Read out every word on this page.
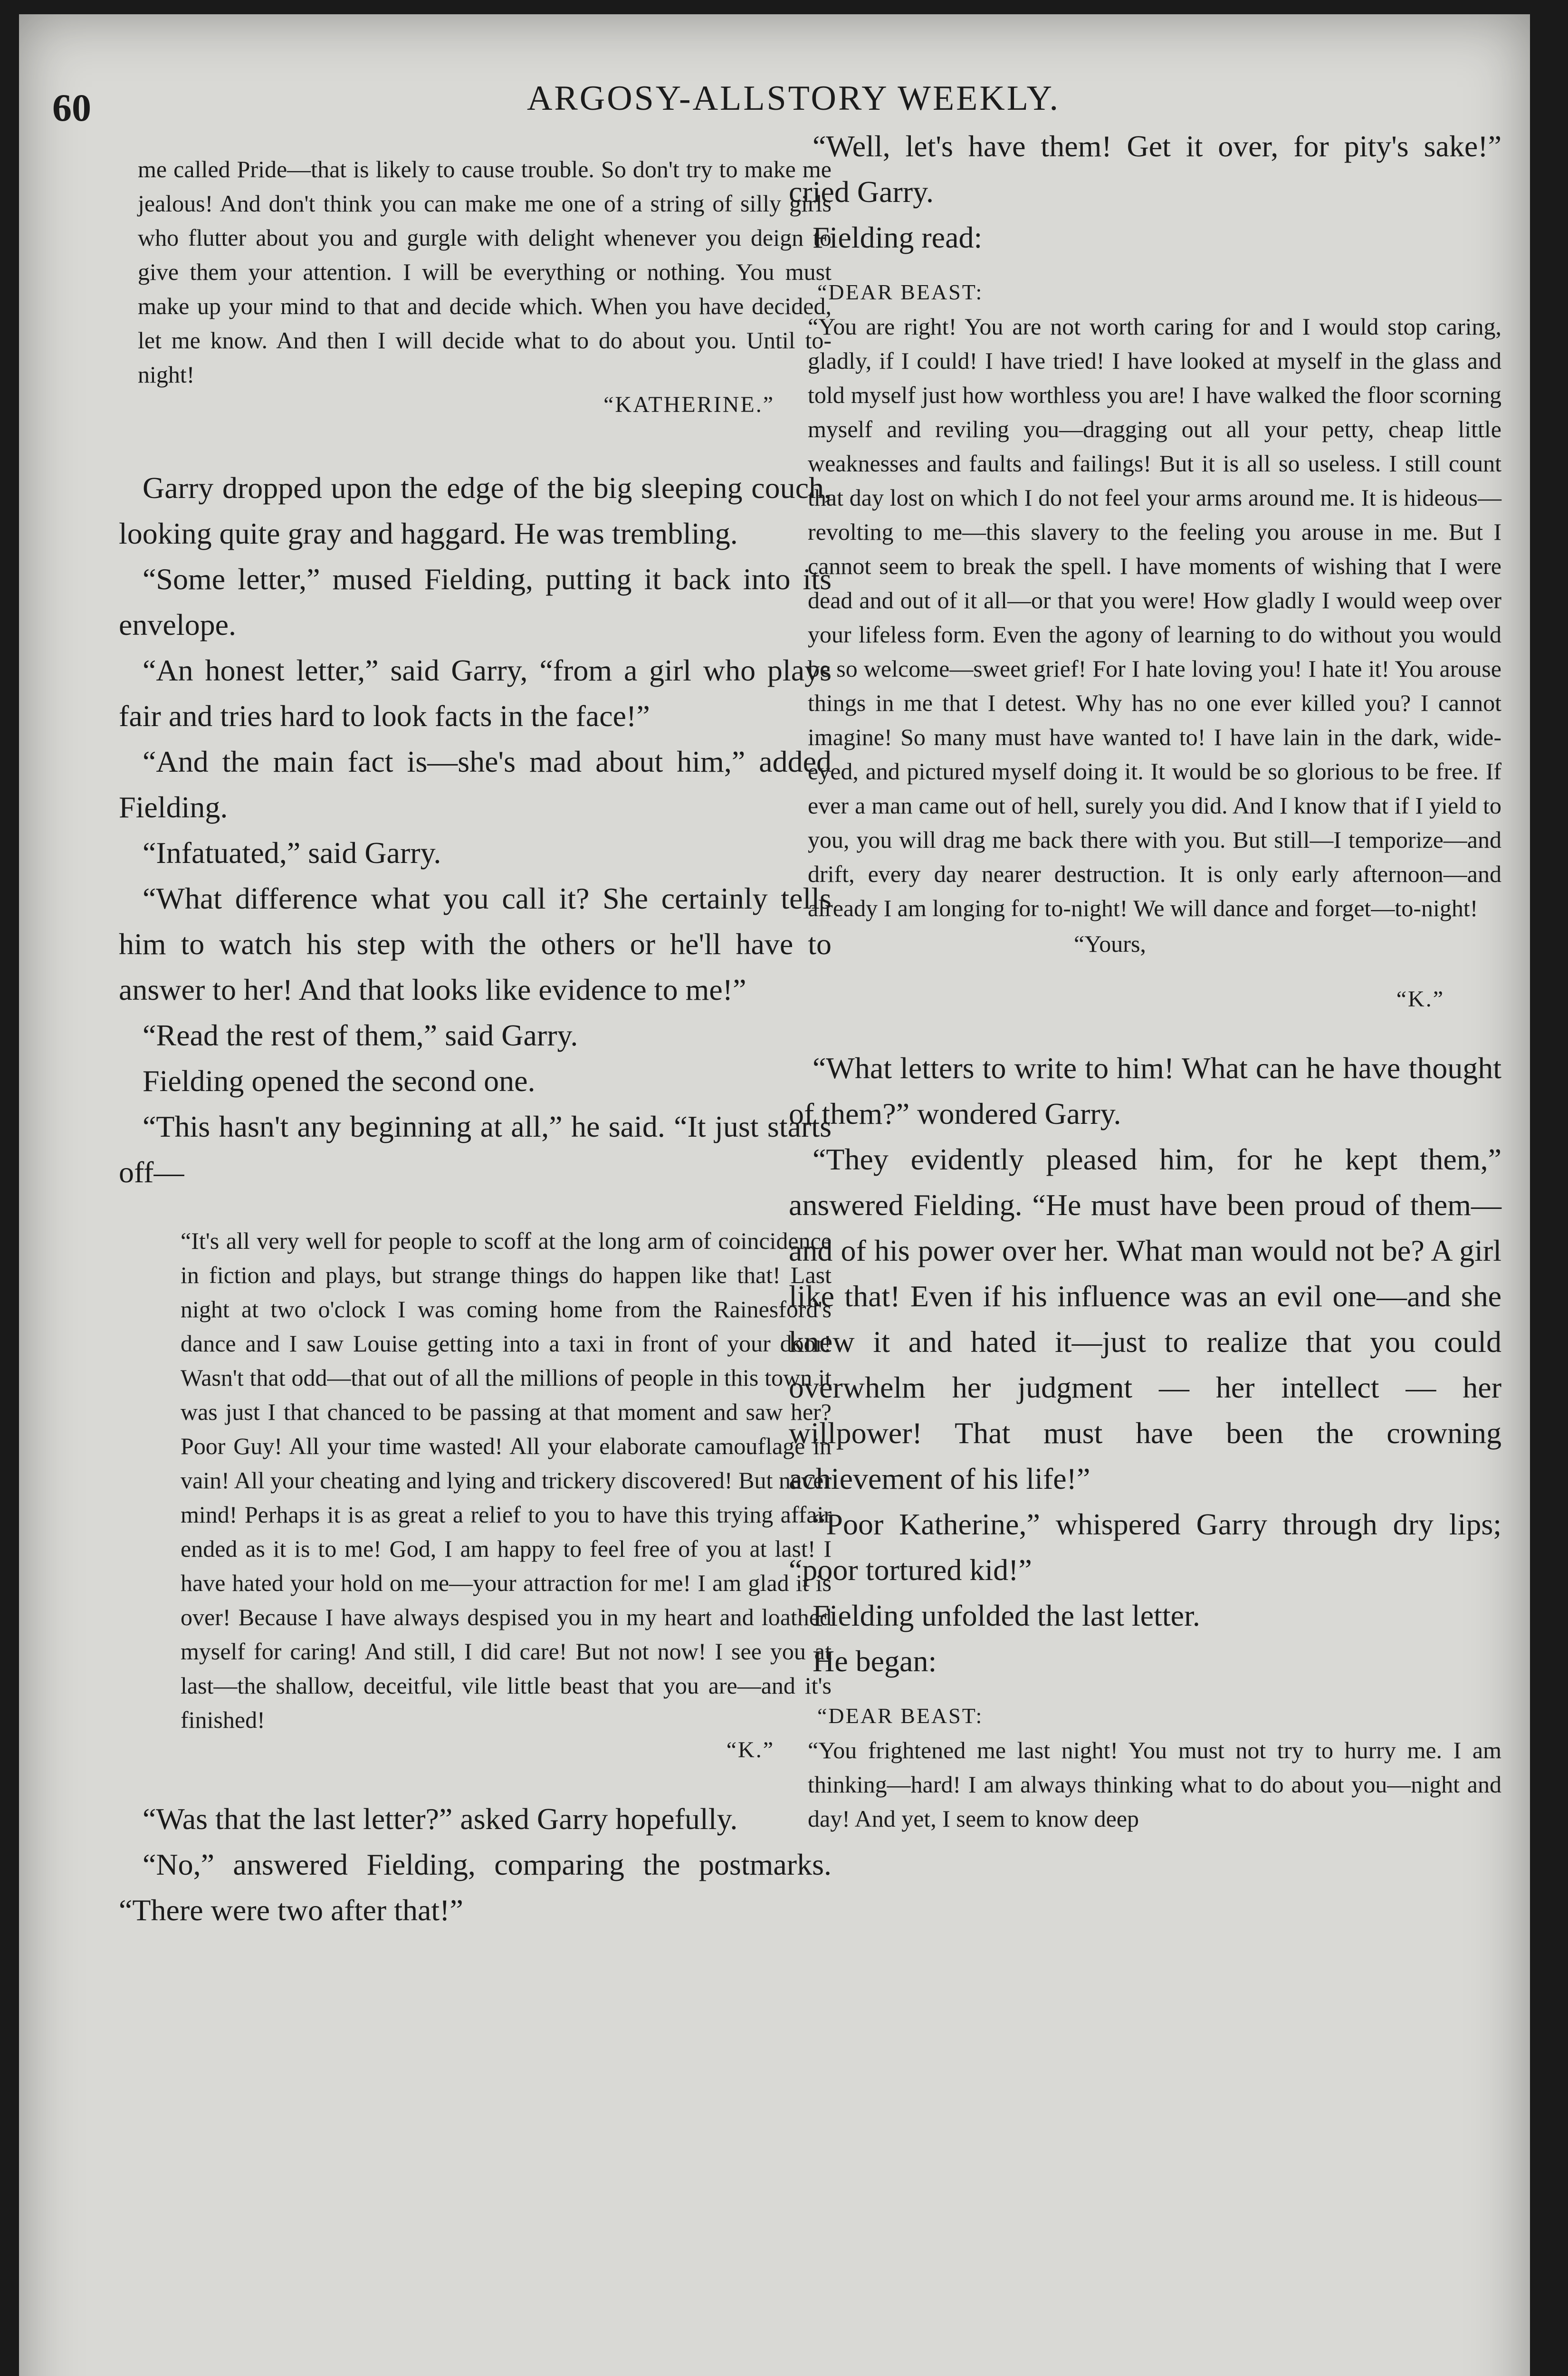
60	ARGOSY-ALLSTORY WEEKLY.

me called Pride—that is likely to cause trouble. So don't try to make me jealous! And don't think you can make me one of a string of silly girls who flutter about you and gurgle with delight whenever you deign to give them your attention. I will be everything or nothing. You must make up your mind to that and decide which. When you have decided, let me know. And then I will decide what to do about you. Until to-night!

“KATHERINE.”

Garry dropped upon the edge of the big sleeping couch, looking quite gray and haggard. He was trembling.

“Some letter,” mused Fielding, putting it back into its envelope.

“An honest letter,” said Garry, “from a girl who plays fair and tries hard to look facts in the face!”

“And the main fact is—she's mad about him,” added Fielding.

“Infatuated,” said Garry.

“What difference what you call it? She certainly tells him to watch his step with the others or he'll have to answer to her! And that looks like evidence to me!”

“Read the rest of them,” said Garry.

Fielding opened the second one.

“This hasn't any beginning at all,” he said. “It just starts off—

“It's all very well for people to scoff at the long arm of coincidence in fiction and plays, but strange things do happen like that! Last night at two o'clock I was coming home from the Rainesford's dance and I saw Louise getting into a taxi in front of your door! Wasn't that odd—that out of all the millions of people in this town it was just I that chanced to be passing at that moment and saw her? Poor Guy! All your time wasted! All your elaborate camouflage in vain! All your cheating and lying and trickery discovered! But never mind! Perhaps it is as great a relief to you to have this trying affair ended as it is to me! God, I am happy to feel free of you at last! I have hated your hold on me—your attraction for me! I am glad it is over! Because I have always despised you in my heart and loathed myself for caring! And still, I did care! But not now! I see you at last—the shallow, deceitful, vile little beast that you are—and it's finished!

“K.”

“Was that the last letter?” asked Garry hopefully.

“No,” answered Fielding, comparing the postmarks. “There were two after that!”

“Well, let's have them! Get it over, for pity's sake!” cried Garry.

Fielding read:

“DEAR BEAST:

“You are right! You are not worth caring for and I would stop caring, gladly, if I could! I have tried! I have looked at myself in the glass and told myself just how worthless you are! I have walked the floor scorning myself and reviling you—dragging out all your petty, cheap little weaknesses and faults and failings! But it is all so useless. I still count that day lost on which I do not feel your arms around me. It is hideous—revolting to me—this slavery to the feeling you arouse in me. But I cannot seem to break the spell. I have moments of wishing that I were dead and out of it all—or that you were! How gladly I would weep over your lifeless form. Even the agony of learning to do without you would be so welcome—sweet grief! For I hate loving you! I hate it! You arouse things in me that I detest. Why has no one ever killed you? I cannot imagine! So many must have wanted to! I have lain in the dark, wide-eyed, and pictured myself doing it. It would be so glorious to be free. If ever a man came out of hell, surely you did. And I know that if I yield to you, you will drag me back there with you. But still—I temporize—and drift, every day nearer destruction. It is only early afternoon—and already I am longing for to-night! We will dance and forget—to-night!

“Yours,
“K.”

“What letters to write to him! What can he have thought of them?” wondered Garry.

“They evidently pleased him, for he kept them,” answered Fielding. “He must have been proud of them—and of his power over her. What man would not be? A girl like that! Even if his influence was an evil one—and she knew it and hated it—just to realize that you could overwhelm her judgment — her intellect — her willpower! That must have been the crowning achievement of his life!”

“Poor Katherine,” whispered Garry through dry lips; “poor tortured kid!”

Fielding unfolded the last letter.

He began:

“DEAR BEAST:

“You frightened me last night! You must not try to hurry me. I am thinking—hard! I am always thinking what to do about you—night and day! And yet, I seem to know deep
